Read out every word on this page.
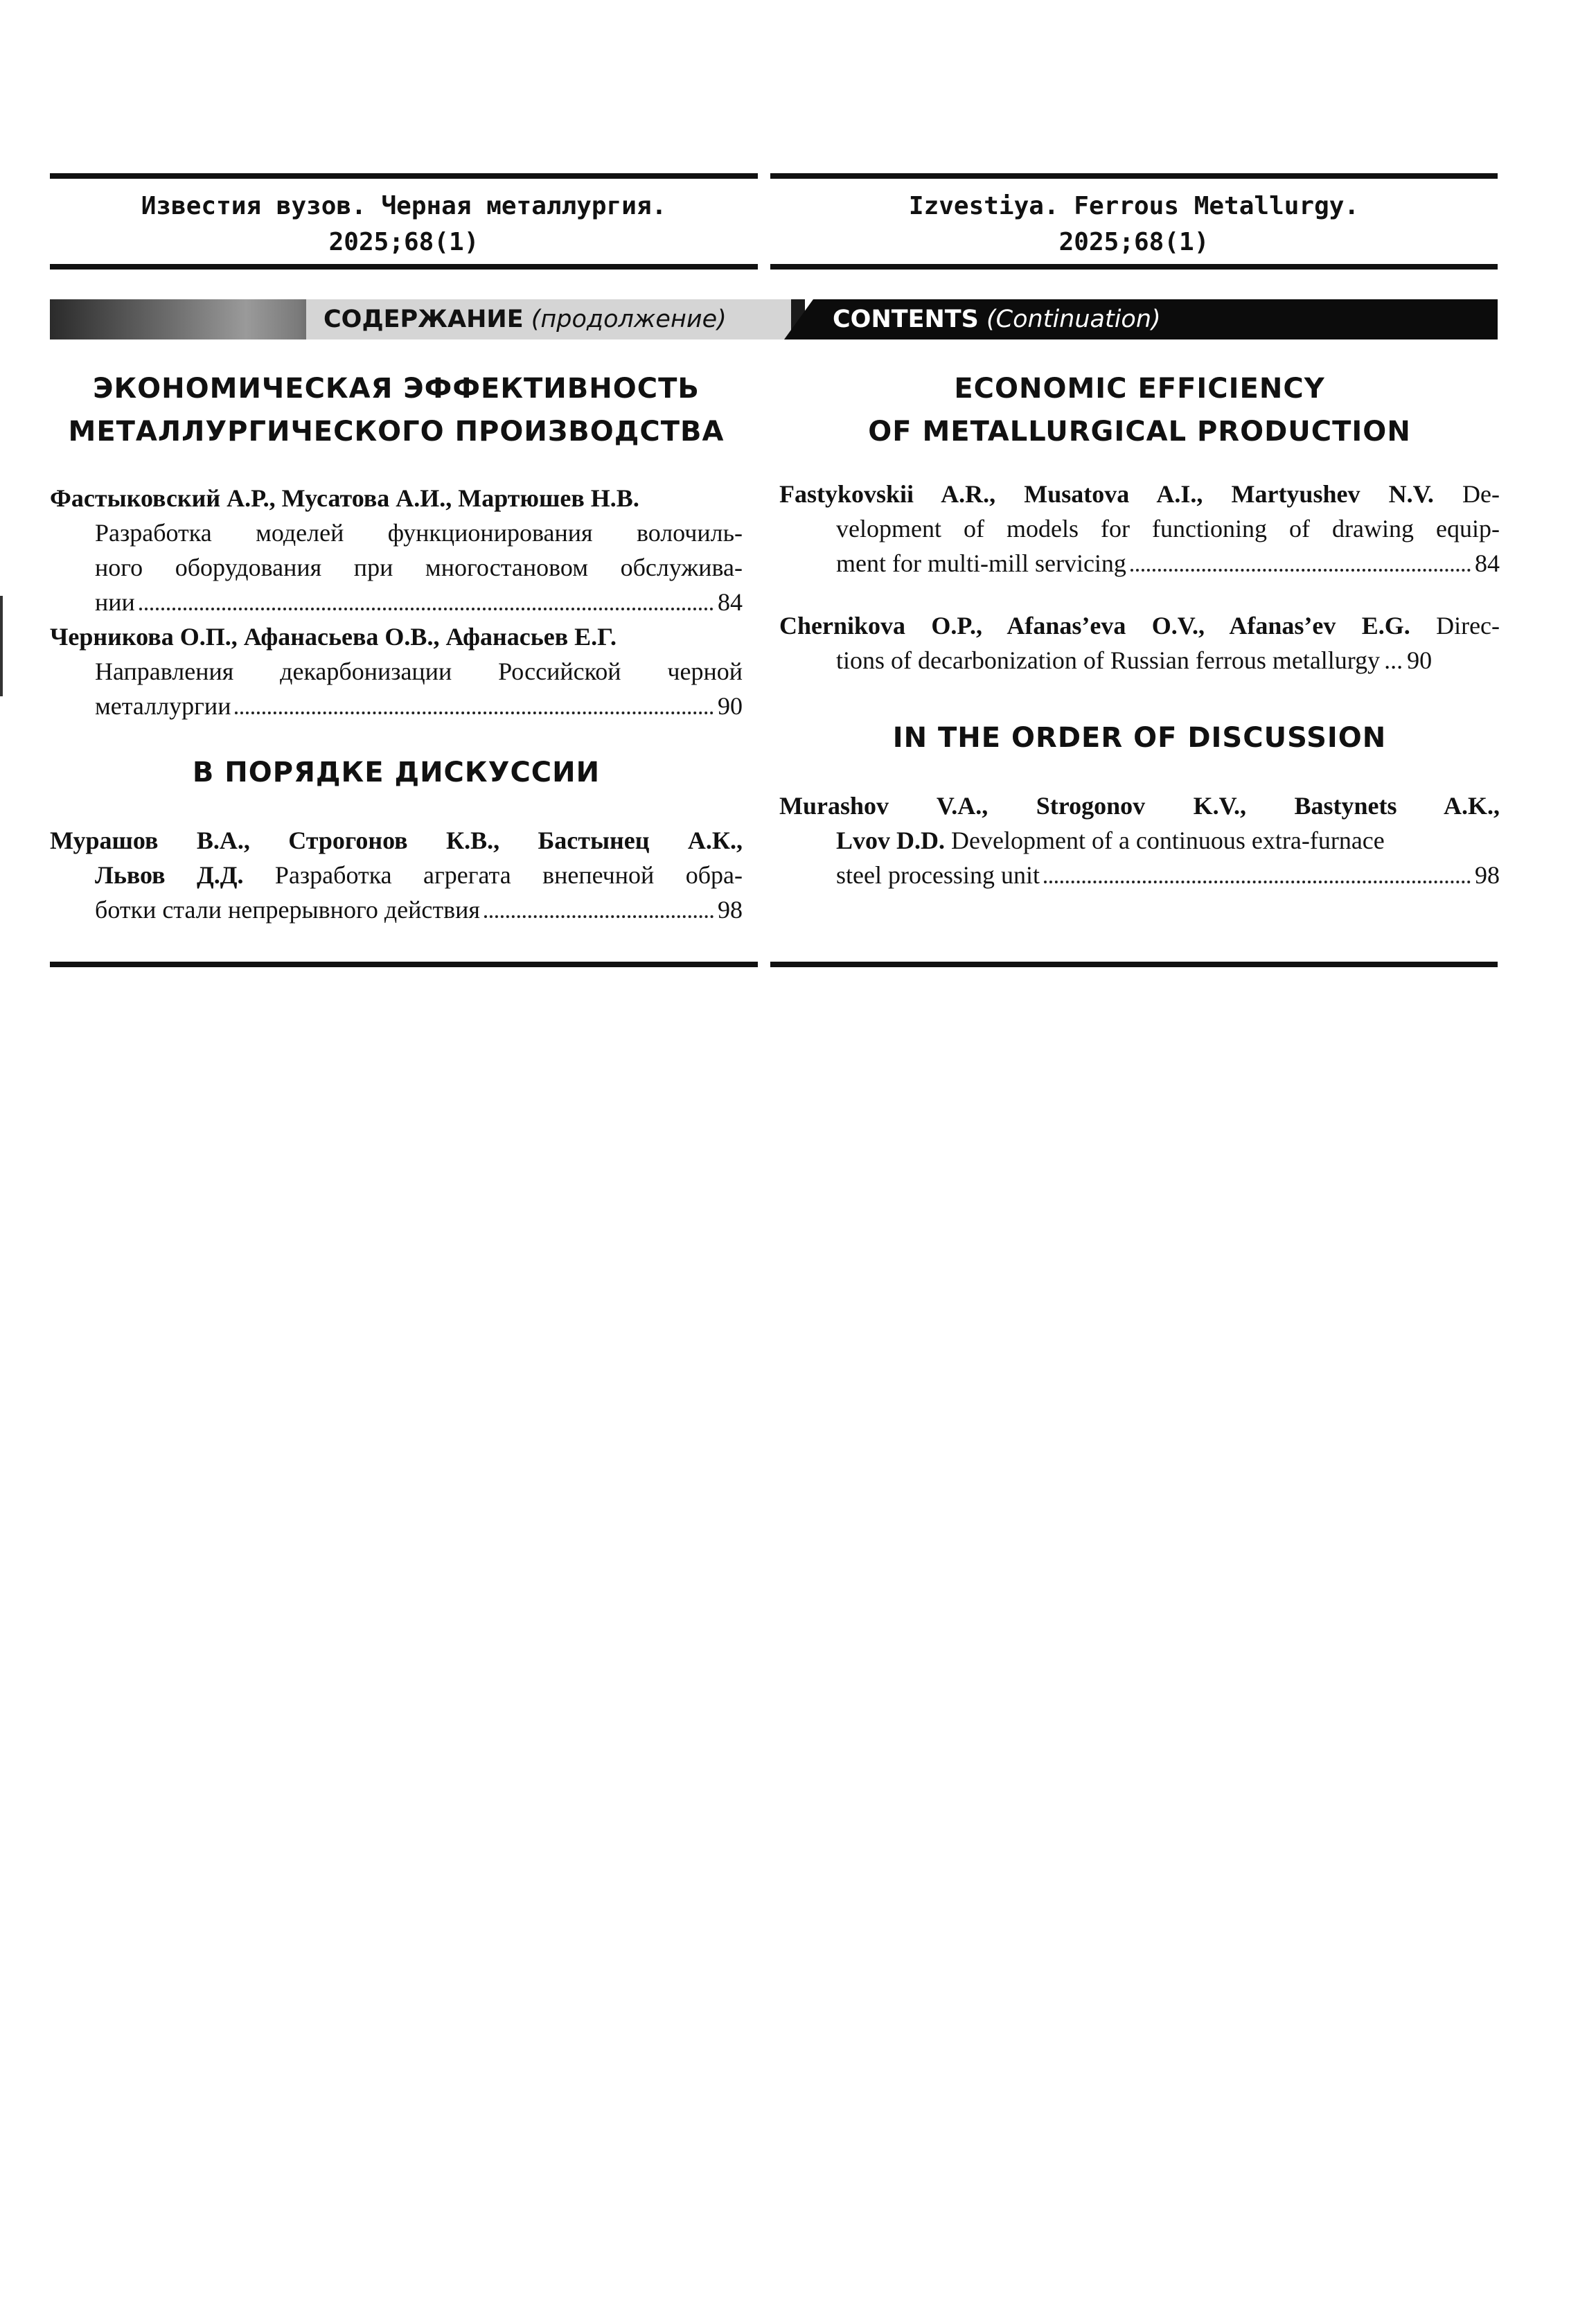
Известия вузов. Черная металлургия.
2025;68(1)
Izvestiya. Ferrous Metallurgy.
2025;68(1)
СОДЕРЖАНИЕ (продолжение)	CONTENTS (Continuation)
ЭКОНОМИЧЕСКАЯ ЭФФЕКТИВНОСТЬ
МЕТАЛЛУРГИЧЕСКОГО ПРОИЗВОДСТВА
Фастыковский А.Р., Мусатова А.И., Мартюшев Н.В.
Разработка моделей функционирования волочиль-
ного оборудования при многостановом обслужива-
нии	84
Черникова О.П., Афанасьева О.В., Афанасьев Е.Г.
Направления декарбонизации Российской черной
металлургии	90
В ПОРЯДКЕ ДИСКУССИИ
Мурашов В.А., Строгонов К.В., Бастынец А.К.,
Львов Д.Д. Разработка агрегата внепечной обра-
ботки стали непрерывного действия	98
ECONOMIC EFFICIENCY
OF METALLURGICAL PRODUCTION
Fastykovskii A.R., Musatova A.I., Martyushev N.V. De-
velopment of models for functioning of drawing equip-
ment for multi-mill servicing	84
Chernikova O.P., Afanas’eva O.V., Afanas’ev E.G. Direc-
tions of decarbonization of Russian ferrous metallurgy ... 90
IN THE ORDER OF DISCUSSION
Murashov V.A., Strogonov K.V., Bastynets A.K.,
Lvov D.D. Development of a continuous extra-furnace
steel processing unit	98
